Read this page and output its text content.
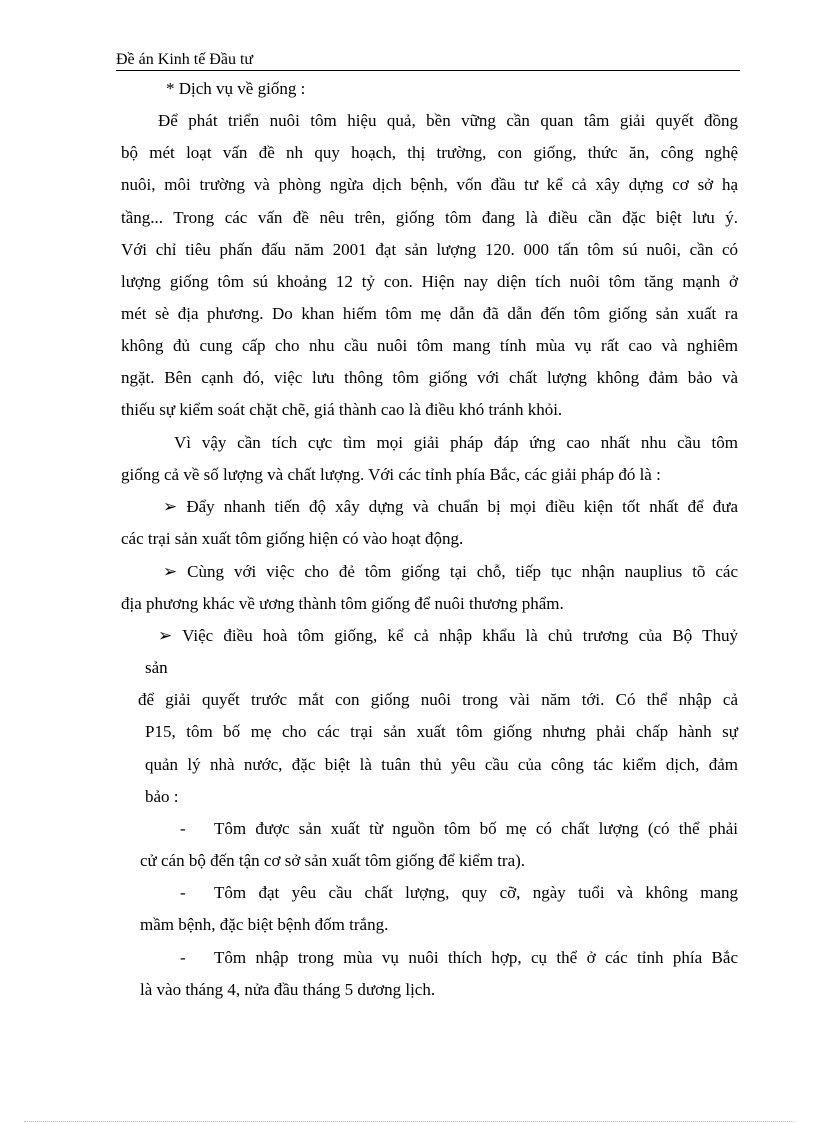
Đề án Kinh tế Đầu tư
* Dịch vụ về giống :
Để phát triển nuôi tôm hiệu quả, bền vững cần quan tâm giải quyết đồng
bộ mét loạt vấn đề nh quy hoạch, thị trường, con giống, thức ăn, công nghệ
nuôi, môi trường và phòng ngừa dịch bệnh, vốn đầu tư kể cả xây dựng cơ sở hạ
tầng... Trong các vấn đề nêu trên, giống tôm đang là điều cần đặc biệt lưu ý.
Với chỉ tiêu phấn đấu năm 2001 đạt sản lượng 120. 000 tấn tôm sú nuôi, cần có
lượng giống tôm sú khoảng 12 tỷ con. Hiện nay diện tích nuôi tôm tăng mạnh ở
mét sè địa phương. Do khan hiếm tôm mẹ dẫn đã dẫn đến tôm giống sản xuất ra
không đủ cung cấp cho nhu cầu nuôi tôm mang tính mùa vụ rất cao và nghiêm
ngặt. Bên cạnh đó, việc lưu thông tôm giống với chất lượng không đảm bảo và
thiếu sự kiểm soát chặt chẽ, giá thành cao là điều khó tránh khỏi.
Vì vậy cần tích cực tìm mọi giải pháp đáp ứng cao nhất nhu cầu tôm
giống cả về số lượng và chất lượng. Với các tỉnh phía Bắc, các giải pháp đó là :
➢ Đẩy nhanh tiến độ xây dựng và chuẩn bị mọi điều kiện tốt nhất để đưa
các trại sản xuất tôm giống hiện có vào hoạt động.
➢ Cùng với việc cho đẻ tôm giống tại chỗ, tiếp tục nhận nauplius tõ các
địa phương khác về ương thành tôm giống để nuôi thương phẩm.
➢ Việc điều hoà tôm giống, kể cả nhập khẩu là chủ trương của Bộ Thuỷ
sản
để giải quyết trước mắt con giống nuôi trong vài năm tới. Có thể nhập cả
P15, tôm bố mẹ cho các trại sản xuất tôm giống nhưng phải chấp hành sự
quản lý nhà nước, đặc biệt là tuân thủ yêu cầu của công tác kiểm dịch, đảm
bảo :
- Tôm được sản xuất từ nguồn tôm bố mẹ có chất lượng (có thể phải
cử cán bộ đến tận cơ sở sản xuất tôm giống để kiểm tra).
- Tôm đạt yêu cầu chất lượng, quy cỡ, ngày tuổi và không mang
mầm bệnh, đặc biệt bệnh đốm trắng.
- Tôm nhập trong mùa vụ nuôi thích hợp, cụ thể ở các tỉnh phía Bắc
là vào tháng 4, nửa đầu tháng 5 dương lịch.
